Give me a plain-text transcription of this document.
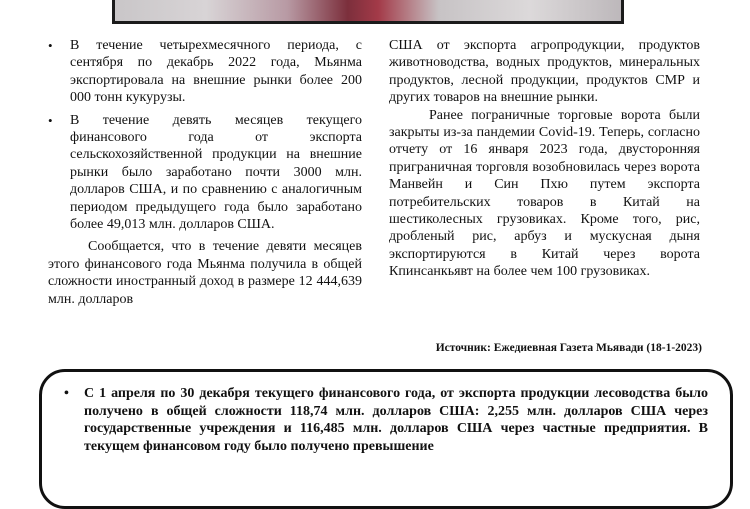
• В течение четырехмесячного периода, с сентября по декабрь 2022 года, Мьянма экспортировала на внешние рынки более 200 000 тонн кукурузы.
• В течение девять месяцев текущего финансового года от экспорта сельскохозяйственной продукции на внешние рынки было заработано почти 3000 млн. долларов США, и по сравнению с аналогичным периодом предыдущего года было заработано более 49,013 млн. долларов США.

Сообщается, что в течение девяти месяцев этого финансового года Мьянма получила в общей сложности иностранный доход в размере 12 444,639 млн. долларов

США от экспорта агропродукции, продуктов животноводства, водных продуктов, минеральных продуктов, лесной продукции, продуктов СМР и других товаров на внешние рынки.

Ранее пограничные торговые ворота были закрыты из-за пандемии Covid-19. Теперь, согласно отчету от 16 января 2023 года, двусторонняя приграничная торговля возобновилась через ворота Манвейн и Син Пхю путем экспорта потребительских товаров в Китай на шестиколесных грузовиках. Кроме того, рис, дробленый рис, арбуз и мускусная дыня экспортируются в Китай через ворота Кпинсанкьявт на более чем 100 грузовиках.

Источник: Ежедиевная Газета Мьявади (18-1-2023)
• С 1 апреля по 30 декабря текущего финансового года, от экспорта продукции лесоводства было получено в общей сложности 118,74 млн. долларов США: 2,255 млн. долларов США через государственные учреждения и 116,485 млн. долларов США через частные предприятия. В текущем финансовом году было получено превышение
